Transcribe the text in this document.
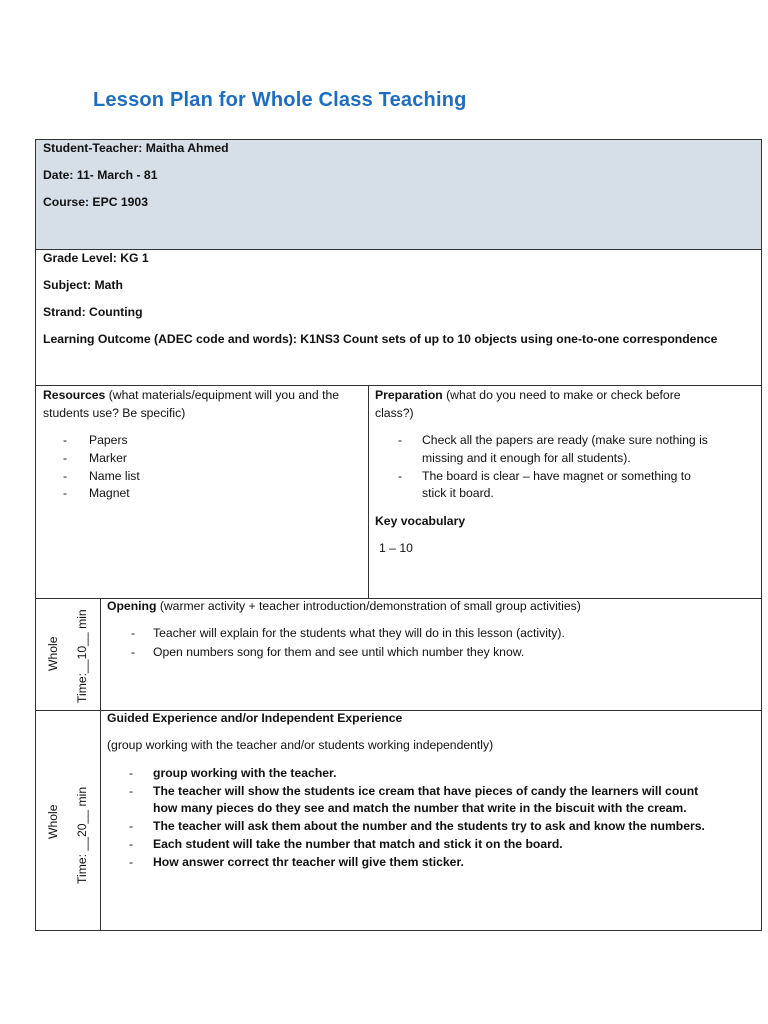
Lesson Plan for Whole Class Teaching
Student-Teacher: Maitha Ahmed
Date: 11- March - 81
Course: EPC 1903
Grade Level: KG 1
Subject: Math
Strand: Counting
Learning Outcome (ADEC code and words): K1NS3 Count sets of up to 10 objects using one-to-one correspondence
Resources (what materials/equipment will you and the
students use? Be specific)
- Papers
- Marker
- Name list
- Magnet
Preparation (what do you need to make or check before
class?)
- Check all the papers are ready (make sure nothing is
missing and it enough for all students).
- The board is clear – have magnet or something to
stick it board.
Key vocabulary
1 – 10
Whole Time:__10__ min
Opening (warmer activity + teacher introduction/demonstration of small group activities)
- Teacher will explain for the students what they will do in this lesson (activity).
- Open numbers song for them and see until which number they know.
Whole Time: __20__ min
Guided Experience and/or Independent Experience
(group working with the teacher and/or students working independently)
- group working with the teacher.
- The teacher will show the students ice cream that have pieces of candy the learners will count
how many pieces do they see and match the number that write in the biscuit with the cream.
- The teacher will ask them about the number and the students try to ask and know the numbers.
- Each student will take the number that match and stick it on the board.
- How answer correct thr teacher will give them sticker.
